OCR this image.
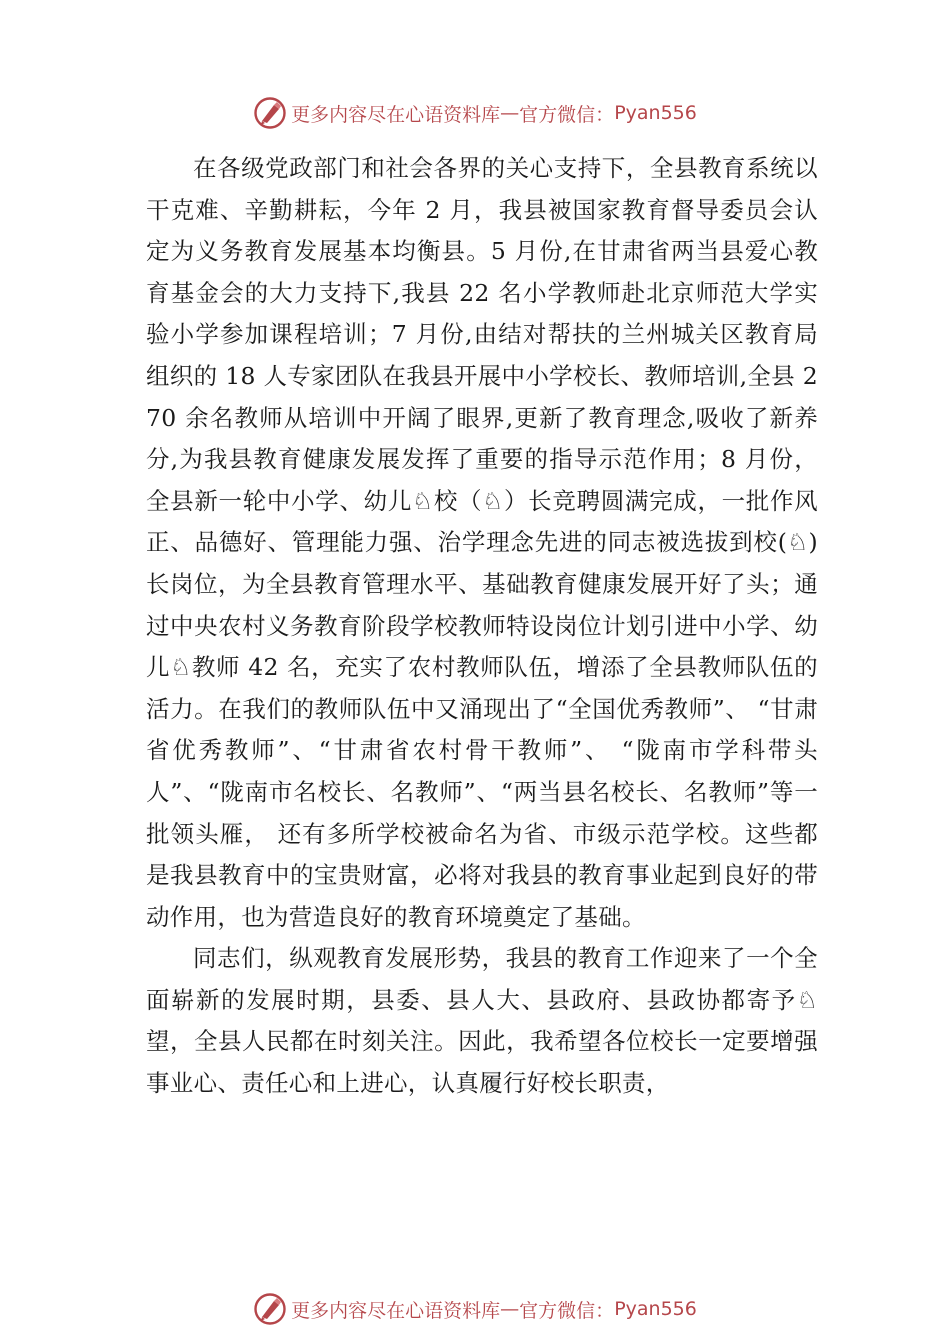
更多内容尽在心语资料库 — 官方微信： Pyan556

在各级党政部门和社会各界的关心支持下，全县教育系统以干克难、辛勤耕耘，今年 2 月，我县被国家教育督导委员会认定为义务教育发展基本均衡县。5 月份,在甘肃省两当县爱心教育基金会的大力支持下,我县 22 名小学教师赴北京师范大学实验小学参加课程培训；7 月份,由结对帮扶的兰州城关区教育局组织的 18 人专家团队在我县开展中小学校长、教师培训,全县 270 余名教师从培训中开阔了眼界,更新了教育理念,吸收了新养分,为我县教育健康发展发挥了重要的指导示范作用；8 月份，全县新一轮中小学、幼儿♘校（♘）长竞聘圆满完成，一批作风正、品德好、管理能力强、治学理念先进的同志被选拔到校(♘)长岗位，为全县教育管理水平、基础教育健康发展开好了头；通过中央农村义务教育阶段学校教师特设岗位计划引进中小学、幼儿♘教师 42 名，充实了农村教师队伍，增添了全县教师队伍的活力。在我们的教师队伍中又涌现出了“全国优秀教师”、 “甘肃省优秀教师”、“甘肃省农村骨干教师”、 “陇南市学科带头人”、“陇南市名校长、名教师”、“两当县名校长、名教师”等一批领头雁， 还有多所学校被命名为省、市级示范学校。这些都是我县教育中的宝贵财富，必将对我县的教育事业起到良好的带动作用，也为营造良好的教育环境奠定了基础。

同志们，纵观教育发展形势，我县的教育工作迎来了一个全面崭新的发展时期，县委、县人大、县政府、县政协都寄予♘望，全县人民都在时刻关注。因此，我希望各位校长一定要增强事业心、责任心和上进心，认真履行好校长职责，

更多内容尽在心语资料库 — 官方微信： Pyan556
